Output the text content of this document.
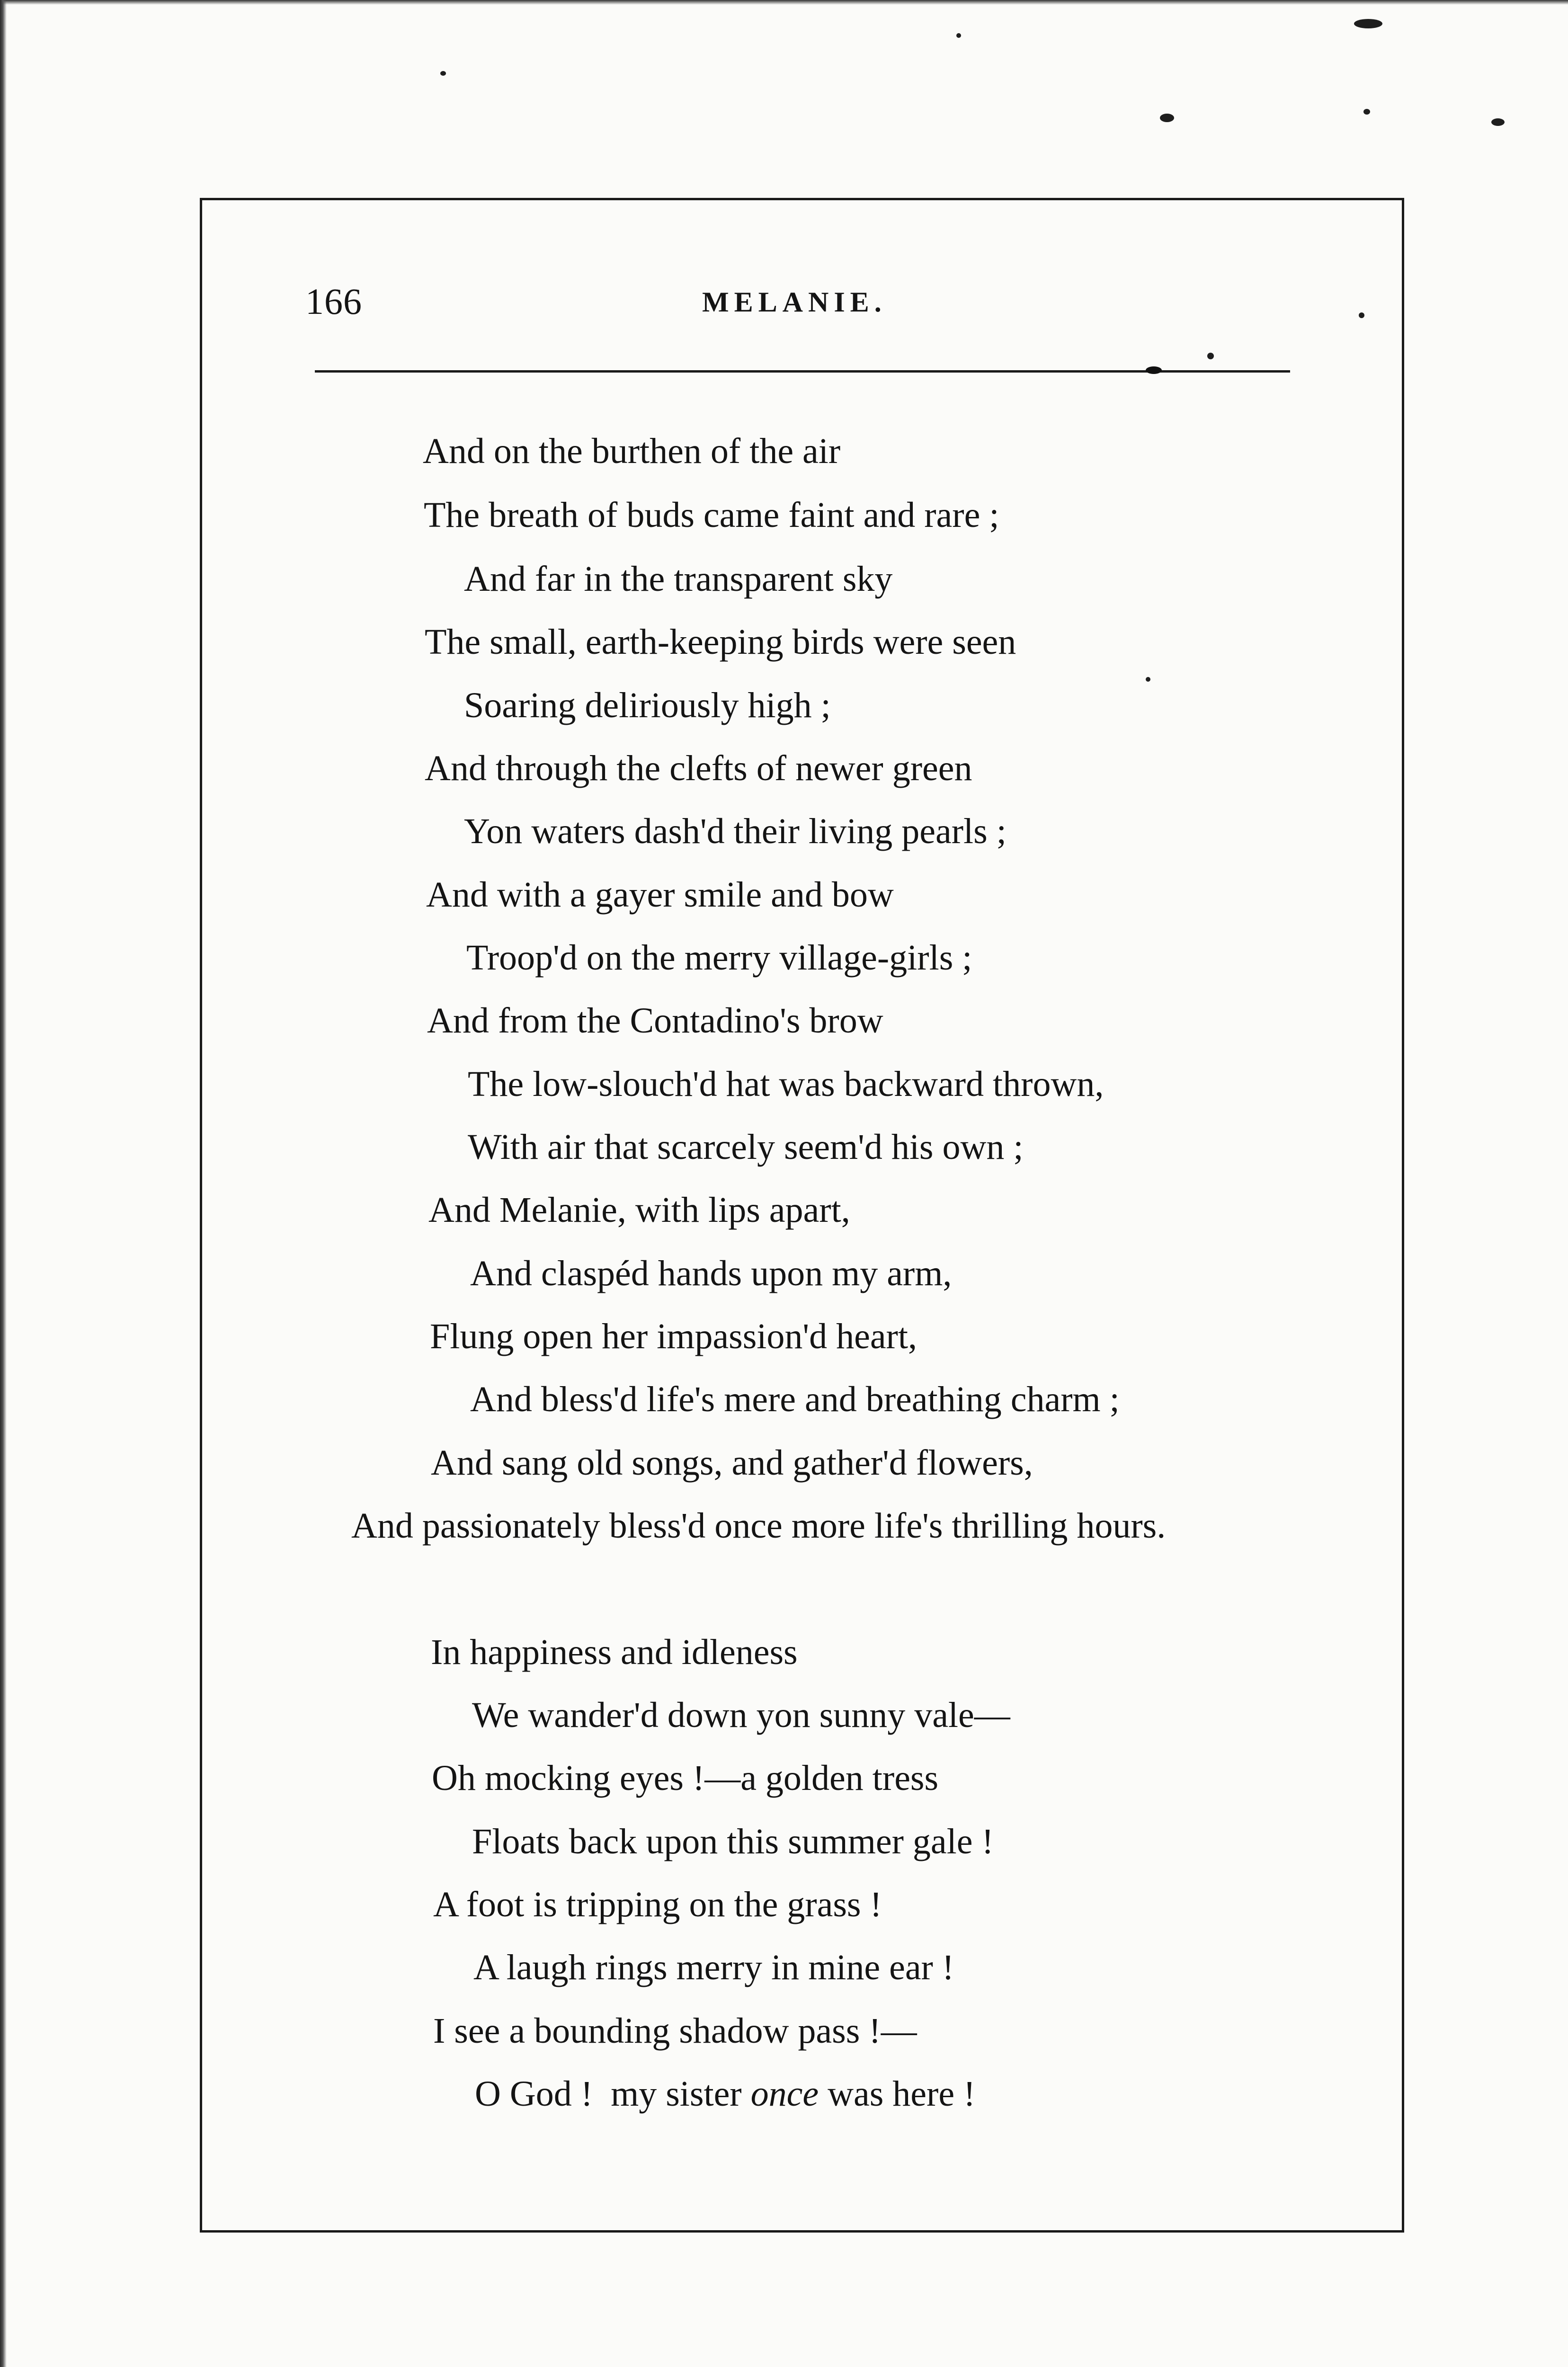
166	MELANIE.
And on the burthen of the air
The breath of buds came faint and rare ;
And far in the transparent sky
The small, earth-keeping birds were seen
Soaring deliriously high ;
And through the clefts of newer green
Yon waters dash'd their living pearls ;
And with a gayer smile and bow
Troop'd on the merry village-girls ;
And from the Contadino's brow
The low-slouch'd hat was backward thrown,
With air that scarcely seem'd his own ;
And Melanie, with lips apart,
And claspéd hands upon my arm,
Flung open her impassion'd heart,
And bless'd life's mere and breathing charm ;
And sang old songs, and gather'd flowers,
And passionately bless'd once more life's thrilling hours.
In happiness and idleness
We wander'd down yon sunny vale—
Oh mocking eyes !—a golden tress
Floats back upon this summer gale !
A foot is tripping on the grass !
A laugh rings merry in mine ear !
I see a bounding shadow pass !—
O God !  my sister once was here !
